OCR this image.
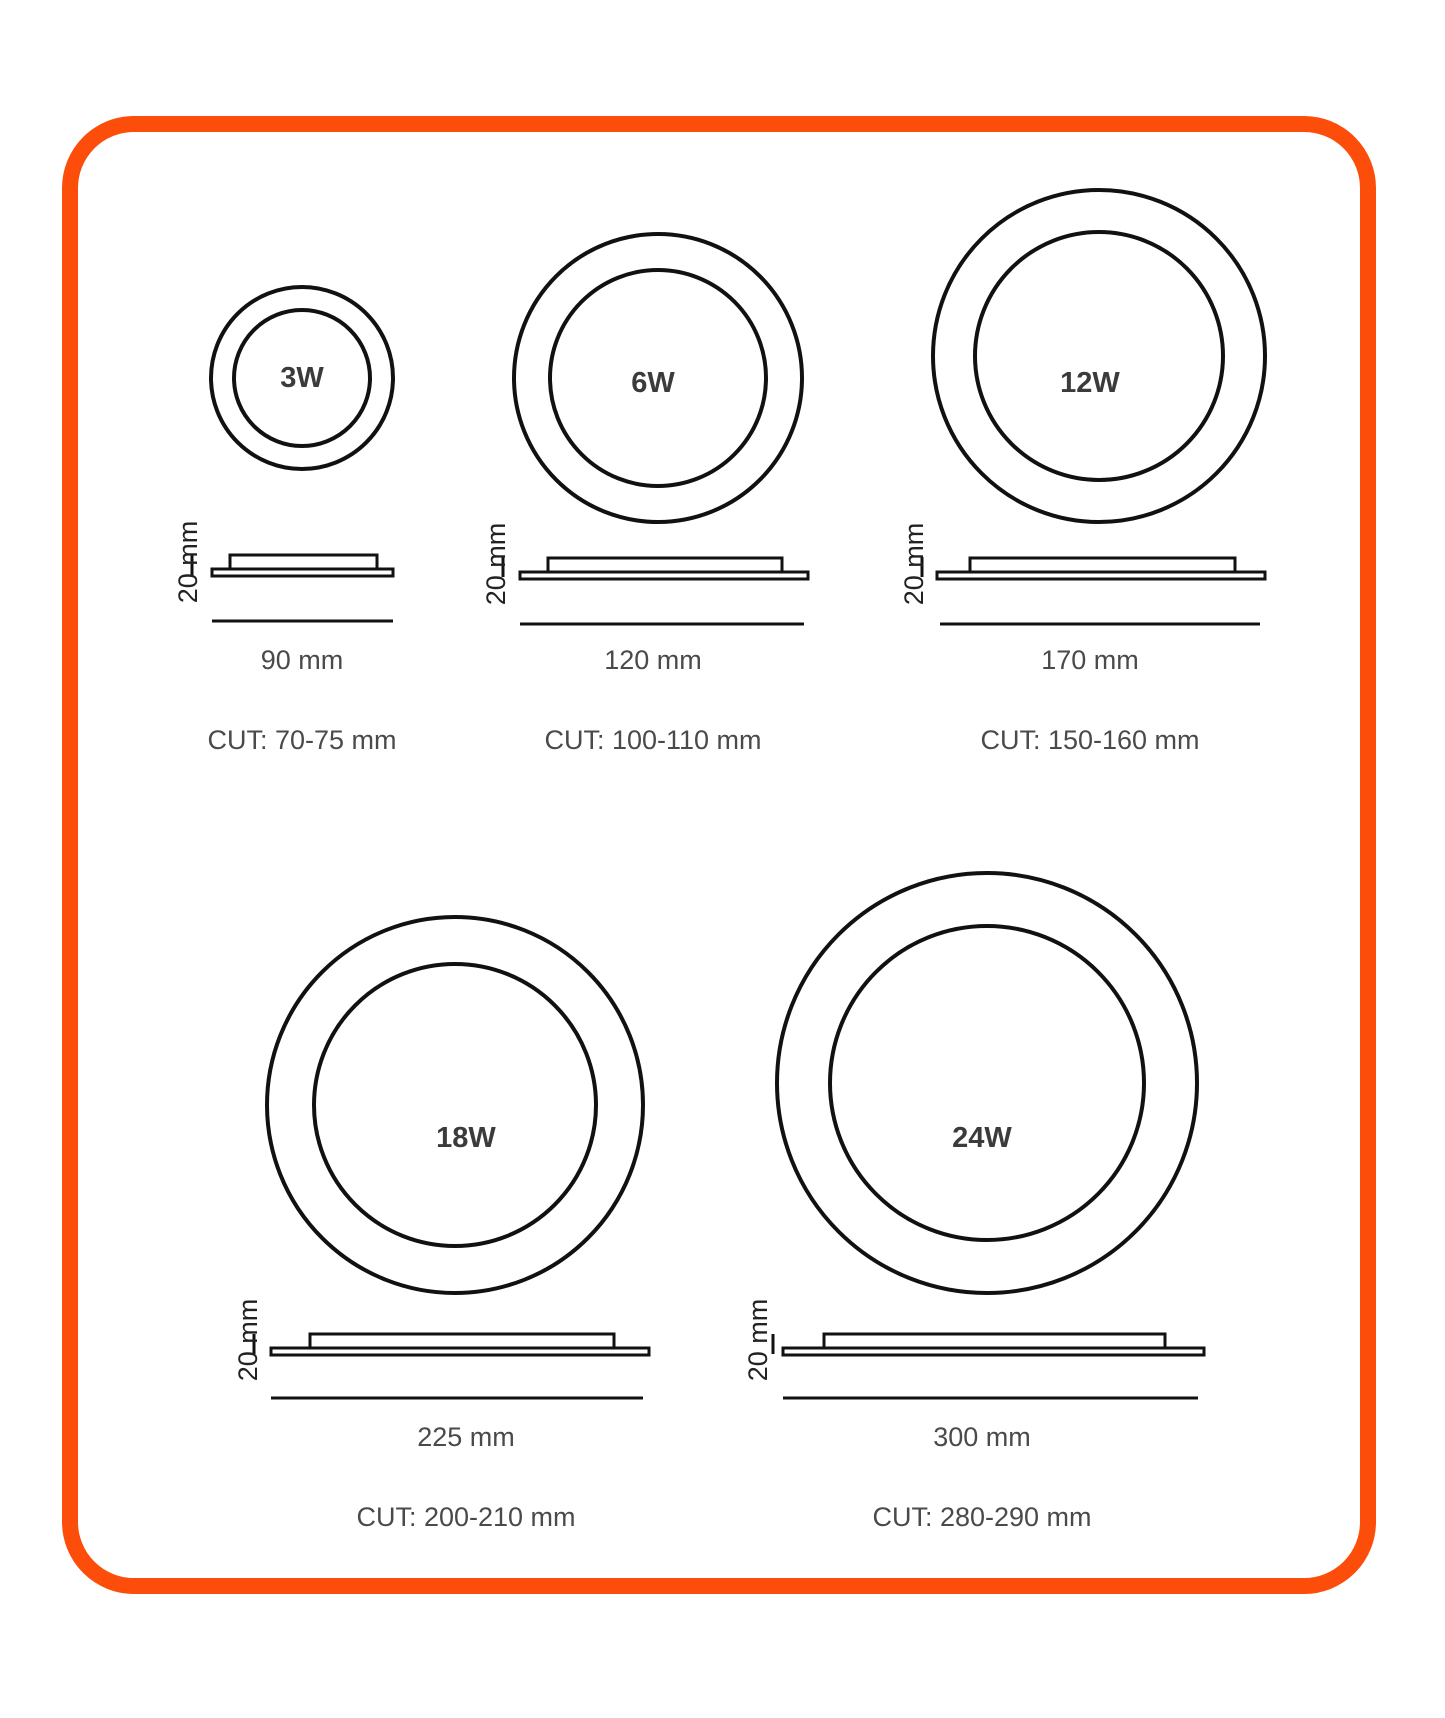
3W
20 mm
90 mm
CUT: 70-75 mm
6W
20 mm
120 mm
CUT: 100-110 mm
12W
20 mm
170 mm
CUT: 150-160 mm
18W
20 mm
225 mm
CUT: 200-210 mm
24W
20 mm
300 mm
CUT: 280-290 mm
